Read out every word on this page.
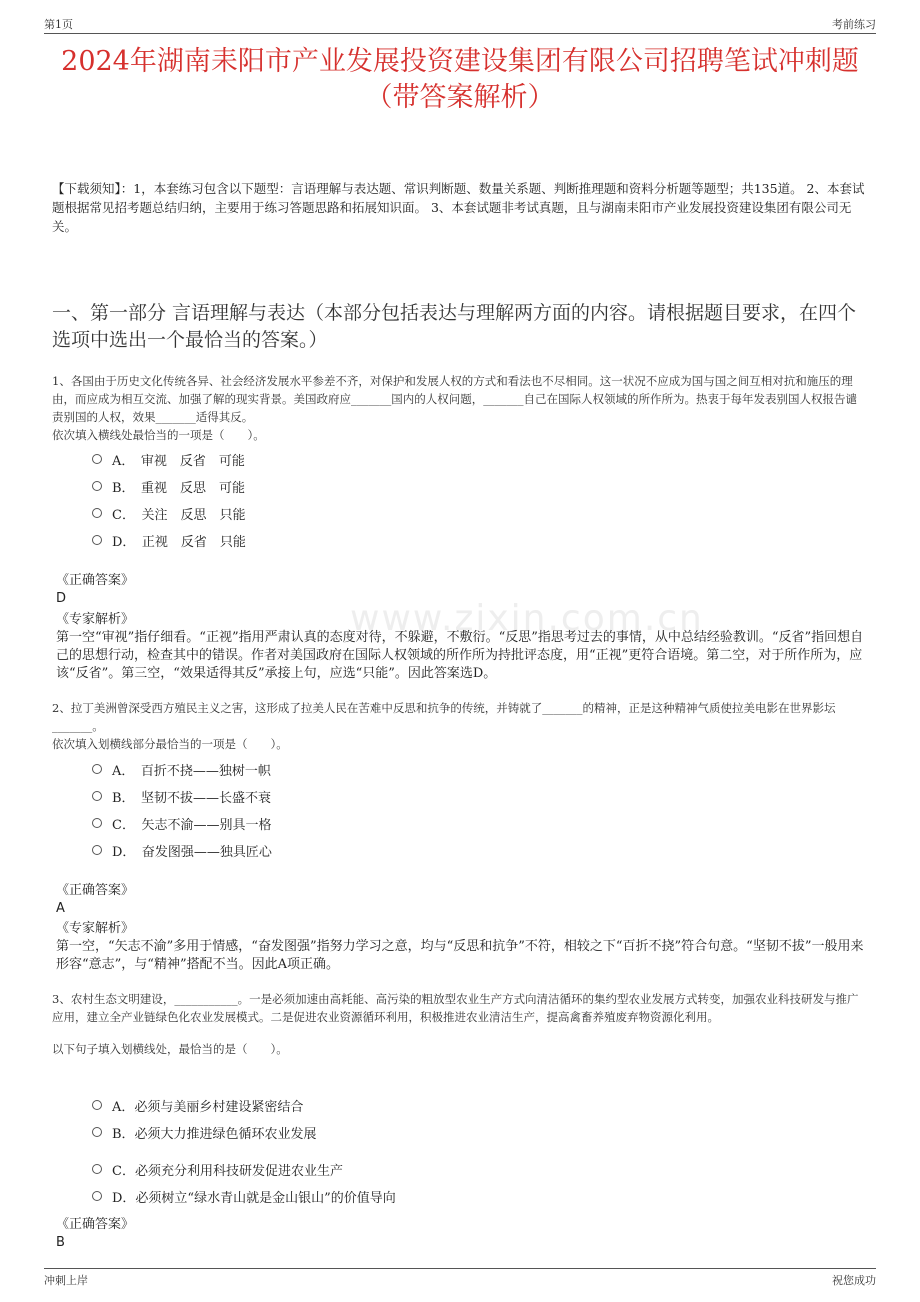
第1页	考前练习
2024年湖南耒阳市产业发展投资建设集团有限公司招聘笔试冲刺题（带答案解析）

【下载须知】：1，本套练习包含以下题型：言语理解与表达题、常识判断题、数量关系题、判断推理题和资料分析题等题型；共135道。 2、本套试题根据常见招考题总结归纳，主要用于练习答题思路和拓展知识面。 3、本套试题非考试真题，且与湖南耒阳市产业发展投资建设集团有限公司无关。

一、第一部分 言语理解与表达（本部分包括表达与理解两方面的内容。请根据题目要求，在四个选项中选出一个最恰当的答案。）
www.zixin.com.cn

1、各国由于历史文化传统各异、社会经济发展水平参差不齐，对保护和发展人权的方式和看法也不尽相同。这一状况不应成为国与国之间互相对抗和施压的理由，而应成为相互交流、加强了解的现实背景。美国政府应_______国内的人权问题，_______自己在国际人权领域的所作所为。热衷于每年发表别国人权报告谴责别国的人权，效果_______适得其反。

依次填入横线处最恰当的一项是（　　）。

A．　审视　反省　可能
B．　重视　反思　可能
C．　关注　反思　只能
D．　正视　反省　只能
《正确答案》
D
《专家解析》

第一空“审视”指仔细看。“正视”指用严肃认真的态度对待，不躲避，不敷衍。“反思”指思考过去的事情，从中总结经验教训。“反省”指回想自己的思想行动，检查其中的错误。作者对美国政府在国际人权领域的所作所为持批评态度，用“正视”更符合语境。第二空，对于所作所为，应该“反省”。第三空，“效果适得其反”承接上句，应选“只能”。因此答案选D。

2、拉丁美洲曾深受西方殖民主义之害，这形成了拉美人民在苦难中反思和抗争的传统，并铸就了_______的精神，正是这种精神气质使拉美电影在世界影坛_______。

依次填入划横线部分最恰当的一项是（　　）。

A．　百折不挠——独树一帜
B．　坚韧不拔——长盛不衰
C．　矢志不渝——别具一格
D．　奋发图强——独具匠心
《正确答案》
A
《专家解析》

第一空，“矢志不渝”多用于情感，“奋发图强”指努力学习之意，均与“反思和抗争”不符，相较之下“百折不挠”符合句意。“坚韧不拔”一般用来形容“意志”，与“精神”搭配不当。因此A项正确。

3、农村生态文明建设，___________。一是必须加速由高耗能、高污染的粗放型农业生产方式向清洁循环的集约型农业发展方式转变，加强农业科技研发与推广应用，建立全产业链绿色化农业发展模式。二是促进农业资源循环利用，积极推进农业清洁生产，提高禽畜养殖废弃物资源化利用。

以下句子填入划横线处，最恰当的是（　　）。

A．必须与美丽乡村建设紧密结合
B．必须大力推进绿色循环农业发展
C．必须充分利用科技研发促进农业生产
D．必须树立“绿水青山就是金山银山”的价值导向
《正确答案》
B
冲刺上岸	祝您成功
